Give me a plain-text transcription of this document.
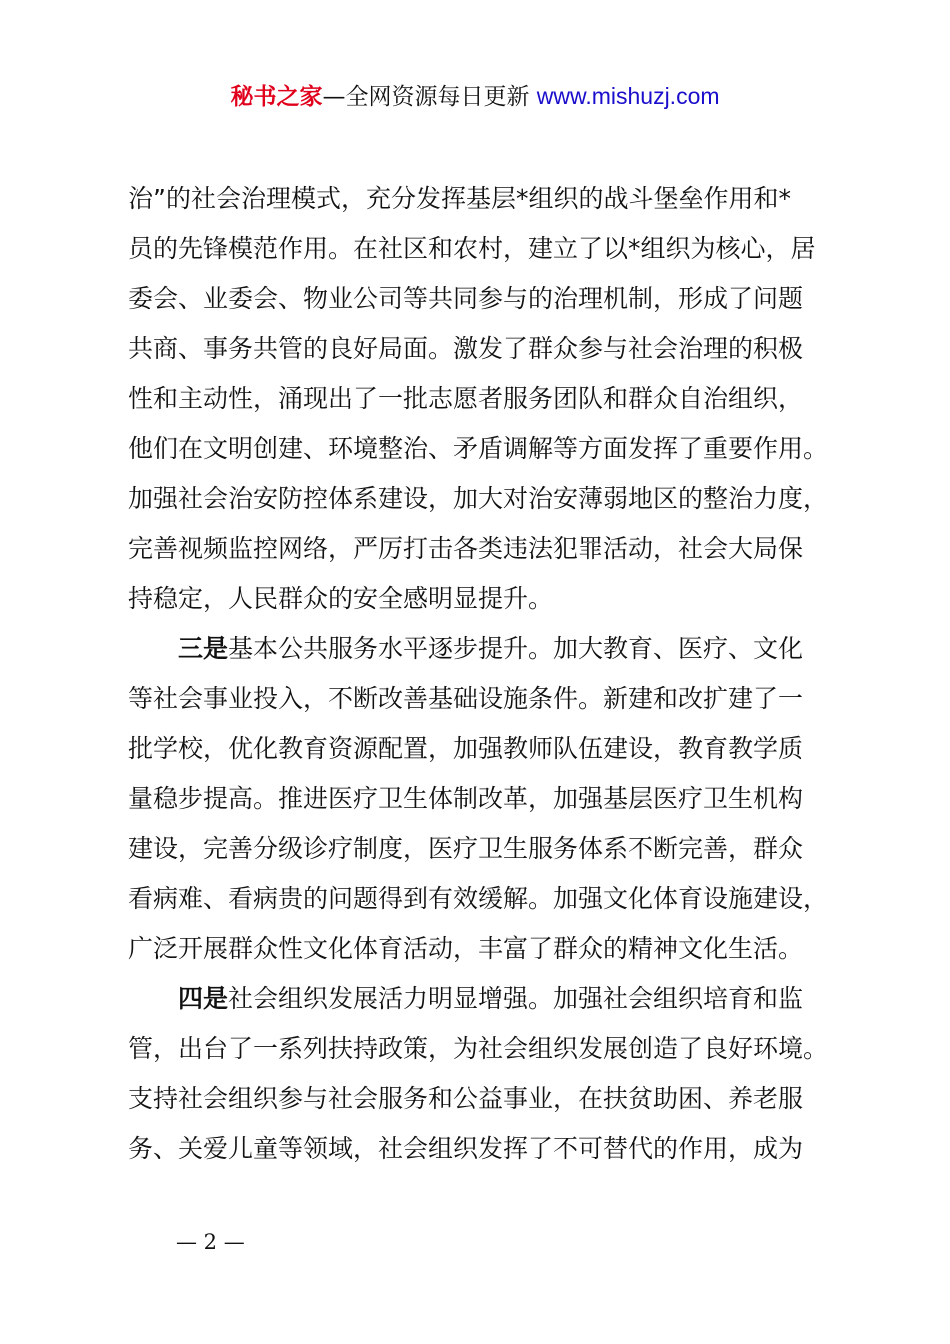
秘书之家—全网资源每日更新 www.mishuzj.com
治”的社会治理模式，充分发挥基层*组织的战斗堡垒作用和*
员的先锋模范作用。在社区和农村，建立了以*组织为核心，居
委会、业委会、物业公司等共同参与的治理机制，形成了问题
共商、事务共管的良好局面。激发了群众参与社会治理的积极
性和主动性，涌现出了一批志愿者服务团队和群众自治组织，
他们在文明创建、环境整治、矛盾调解等方面发挥了重要作用。
加强社会治安防控体系建设，加大对治安薄弱地区的整治力度，
完善视频监控网络，严厉打击各类违法犯罪活动，社会大局保
持稳定，人民群众的安全感明显提升。
三是基本公共服务水平逐步提升。加大教育、医疗、文化
等社会事业投入，不断改善基础设施条件。新建和改扩建了一
批学校，优化教育资源配置，加强教师队伍建设，教育教学质
量稳步提高。推进医疗卫生体制改革，加强基层医疗卫生机构
建设，完善分级诊疗制度，医疗卫生服务体系不断完善，群众
看病难、看病贵的问题得到有效缓解。加强文化体育设施建设，
广泛开展群众性文化体育活动，丰富了群众的精神文化生活。
四是社会组织发展活力明显增强。加强社会组织培育和监
管，出台了一系列扶持政策，为社会组织发展创造了良好环境。
支持社会组织参与社会服务和公益事业，在扶贫助困、养老服
务、关爱儿童等领域，社会组织发挥了不可替代的作用，成为
— 2 —
